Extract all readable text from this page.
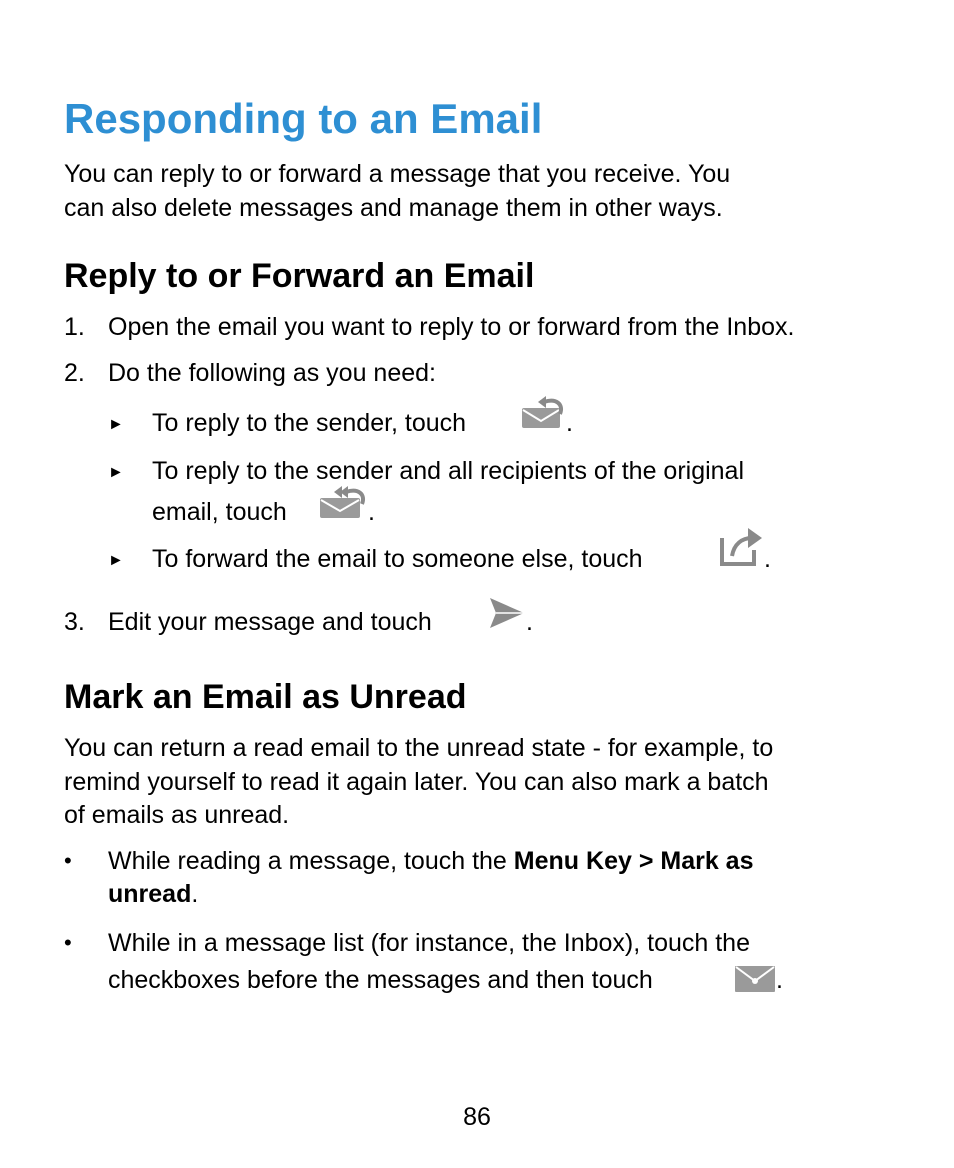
Responding to an Email
You can reply to or forward a message that you receive. You
can also delete messages and manage them in other ways.
Reply to or Forward an Email
1. Open the email you want to reply to or forward from the Inbox.
2. Do the following as you need:
► To reply to the sender, touch	.
► To reply to the sender and all recipients of the original
email, touch	.
► To forward the email to someone else, touch	.
3. Edit your message and touch	.
Mark an Email as Unread
You can return a read email to the unread state - for example, to
remind yourself to read it again later. You can also mark a batch
of emails as unread.
• While reading a message, touch the Menu Key > Mark as
unread.
• While in a message list (for instance, the Inbox), touch the
checkboxes before the messages and then touch	.
86
